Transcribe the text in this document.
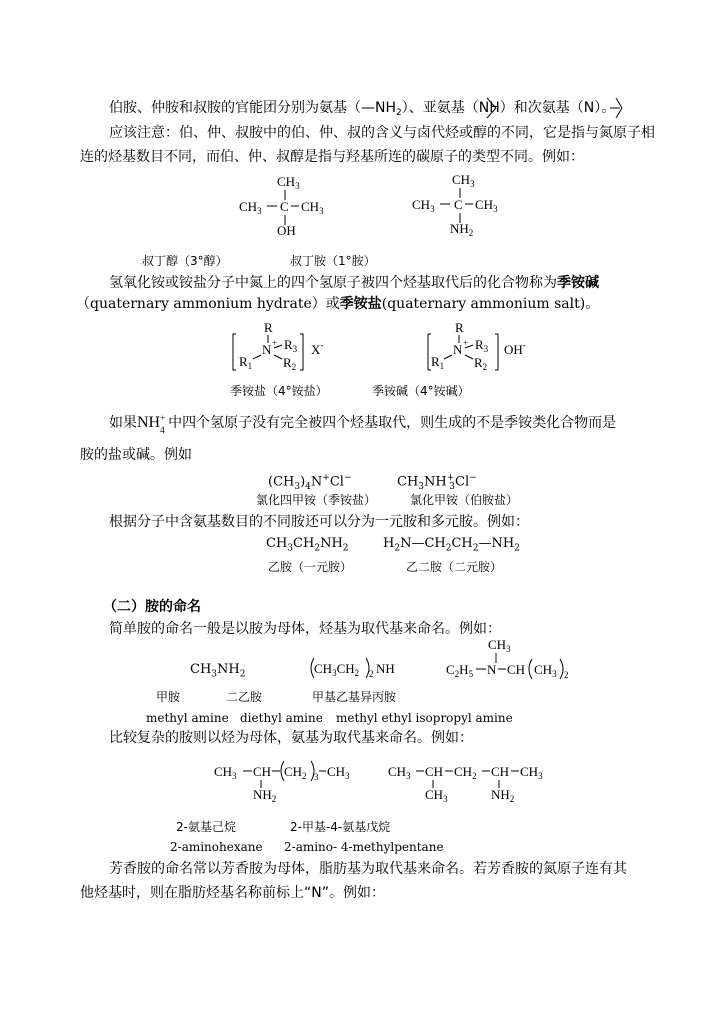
伯胺、仲胺和叔胺的官能团分别为氨基$(—NH_2)$、亚氨基（NH）和次氨基（N）。
应该注意：伯、仲、叔胺中的伯、仲、叔的含义与卤代烃或醇的不同，它是指与氮原子相
连的烃基数目不同，而伯、仲、叔醇是指与羟基所连的碳原子的类型不同。例如：
$CH_3$
$CH_3$ C $CH_3$
OH
$CH_3$
$CH_3$ C $CH_3$
$NH_2$
叔丁醇（3°醇）	叔丁胺（1°胺）
氢氧化铵或铵盐分子中氮上的四个氢原子被四个烃基取代后的化合物称为季铵碱
（quaternary ammonium hydrate）或季铵盐(quaternary ammonium salt)。
R
$N + R_3$
$R_1$ $R_2$
X-
R
$N + R_3$
$R_1$ $R_2$
OH-
季铵盐（4°铵盐）	季铵碱（4°铵碱）
如果NH +
4 中四个氢原子没有完全被四个烃基取代，则生成的不是季铵类化合物而是
胺的盐或碱。例如
$(CH_3)_4N^+Cl^-$	$CH_3NH^+_3Cl^-$
氯化四甲铵（季铵盐）	氯化甲铵（伯胺盐）
根据分子中含氨基数目的不同胺还可以分为一元胺和多元胺。例如：
$CH_3CH_2NH_2$	$H_2N—CH_2CH_2—NH_2$
乙胺（一元胺）	乙二胺（二元胺）
（二）胺的命名
简单胺的命名一般是以胺为母体，烃基为取代基来命名。例如：
$CH_3NH_2$	$CH_3CH_2$ 2 NH
$CH_3$
$C_2H_5$ N CH $CH_3$ 2
甲胺	二乙胺	甲基乙基异丙胺
methyl amine diethyl amine methyl ethyl isopropyl amine
比较复杂的胺则以烃为母体，氨基为取代基来命名。例如：
$CH_3$ CH $CH_2$ 3 $CH_3$
$NH_2$
$CH_3$ CH $CH_2$ CH $CH_3$
$CH_3$	$NH_2$
2-氨基己烷	2-甲基-4-氨基戊烷
2-aminohexane 2-amino- 4-methylpentane
芳香胺的命名常以芳香胺为母体，脂肪基为取代基来命名。若芳香胺的氮原子连有其
他烃基时，则在脂肪烃基名称前标上“N”。例如：
